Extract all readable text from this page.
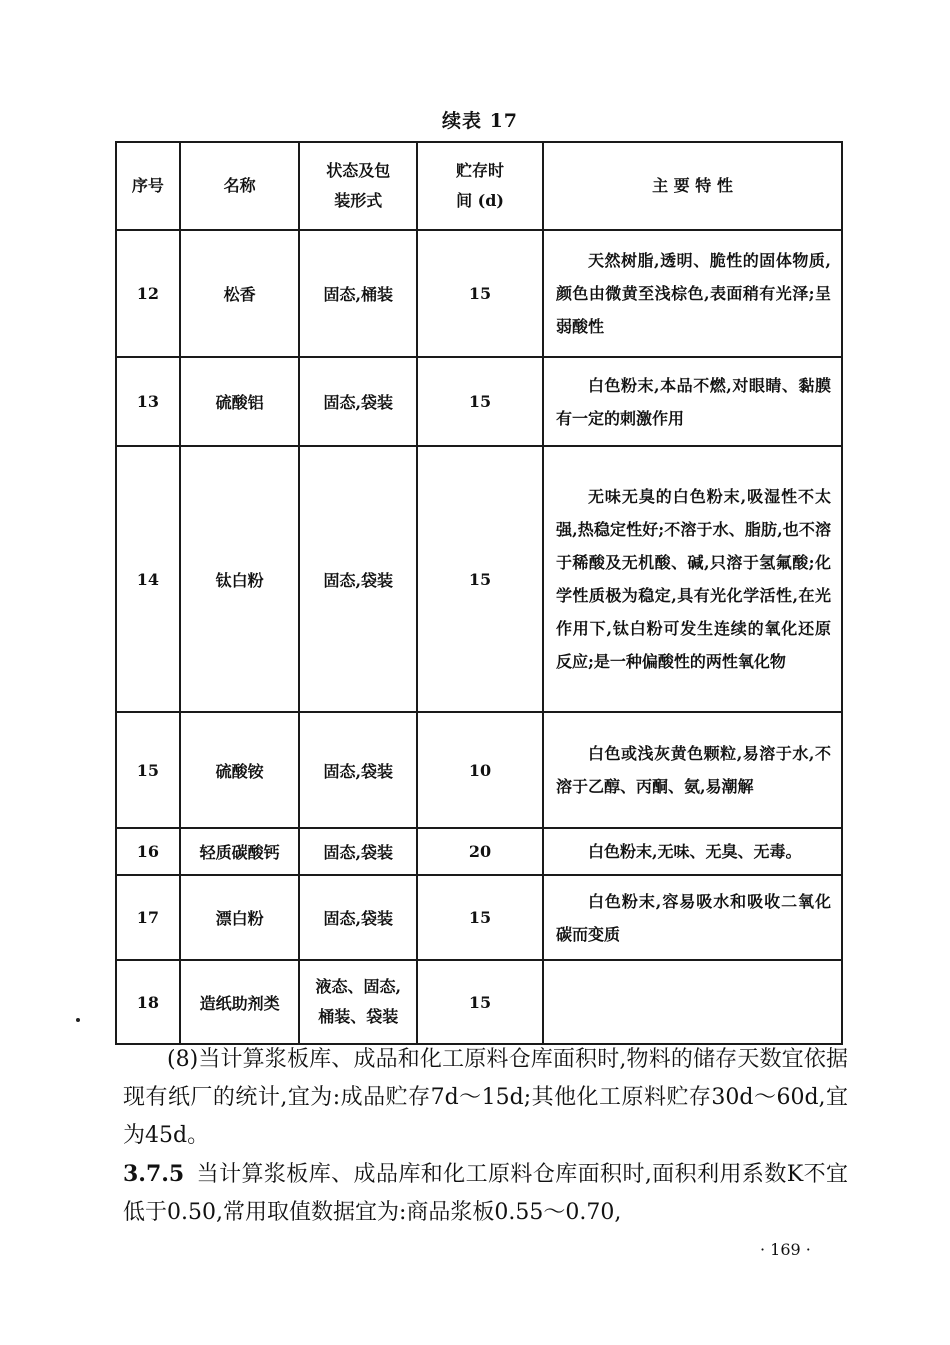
续表 17
序号	名称	状态及包装形式	贮存时间 (d)	主 要 特 性
12	松香	固态,桶装	15	天然树脂,透明、脆性的固体物质,颜色由微黄至浅棕色,表面稍有光泽;呈弱酸性
13	硫酸铝	固态,袋装	15	白色粉末,本品不燃,对眼睛、黏膜有一定的刺激作用
14	钛白粉	固态,袋装	15	无味无臭的白色粉末,吸湿性不太强,热稳定性好;不溶于水、脂肪,也不溶于稀酸及无机酸、碱,只溶于氢氟酸;化学性质极为稳定,具有光化学活性,在光作用下,钛白粉可发生连续的氧化还原反应;是一种偏酸性的两性氧化物
15	硫酸铵	固态,袋装	10	白色或浅灰黄色颗粒,易溶于水,不溶于乙醇、丙酮、氨,易潮解
16	轻质碳酸钙	固态,袋装	20	白色粉末,无味、无臭、无毒。
17	漂白粉	固态,袋装	15	白色粉末,容易吸水和吸收二氧化碳而变质
18	造纸助剂类	液态、固态,桶装、袋装	15	
(8)当计算浆板库、成品和化工原料仓库面积时,物料的储存天数宜依据现有纸厂的统计,宜为:成品贮存7d～15d;其他化工原料贮存30d～60d,宜为45d。
3.7.5 当计算浆板库、成品库和化工原料仓库面积时,面积利用系数K不宜低于0.50,常用取值数据宜为:商品浆板0.55～0.70,
· 169 ·
